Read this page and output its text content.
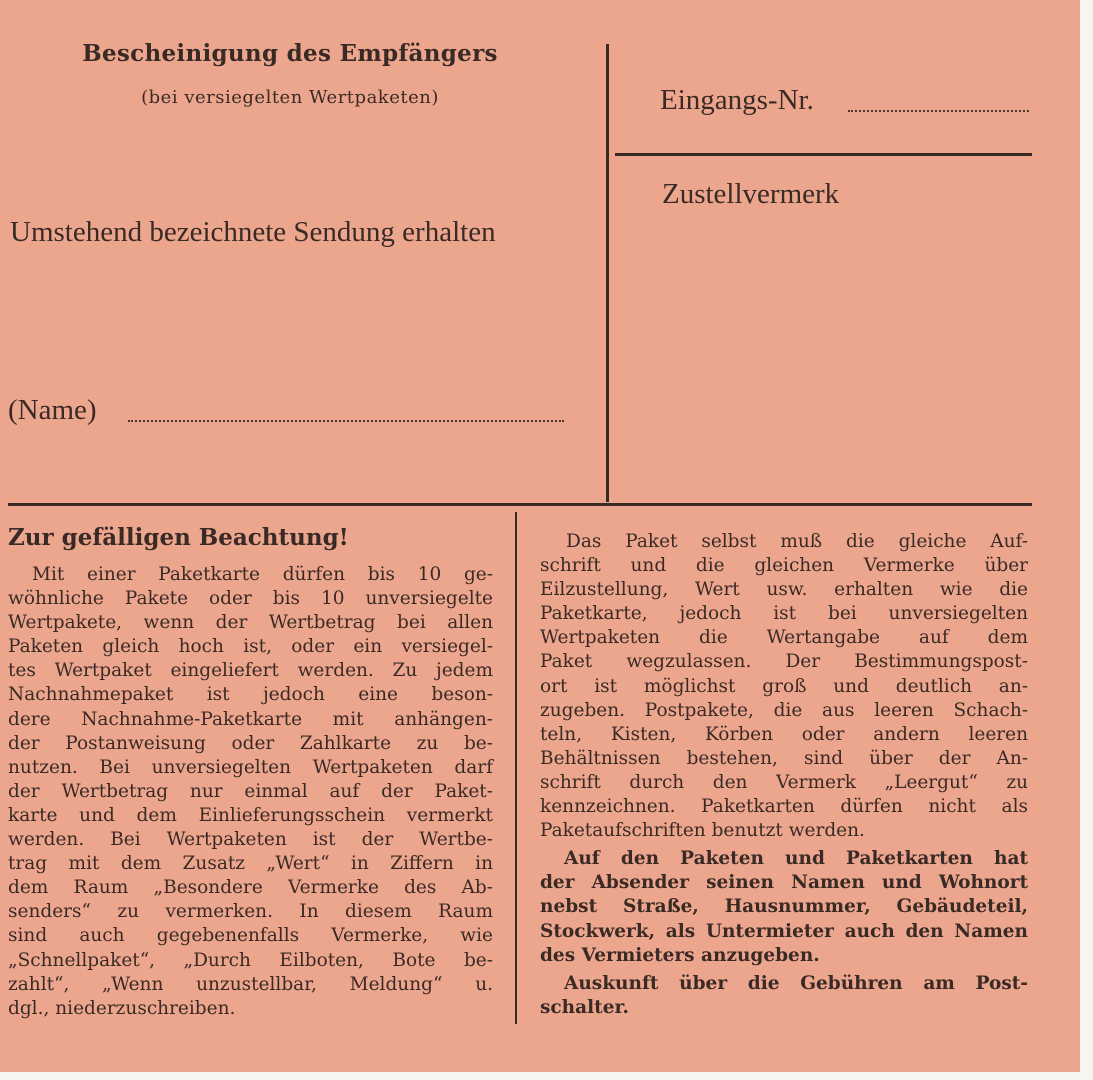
Bescheinigung des Empfängers
(bei versiegelten Wertpaketen)
Umstehend bezeichnete Sendung erhalten
(Name)
Eingangs-Nr.
Zustellvermerk
Zur gefälligen Beachtung!

Mit einer Paketkarte dürfen bis 10 ge-
wöhnliche Pakete oder bis 10 unversiegelte
Wertpakete, wenn der Wertbetrag bei allen
Paketen gleich hoch ist, oder ein versiegel-
tes Wertpaket eingeliefert werden. Zu jedem
Nachnahmepaket ist jedoch eine beson-
dere Nachnahme-Paketkarte mit anhängen-
der Postanweisung oder Zahlkarte zu be-
nutzen. Bei unversiegelten Wertpaketen darf
der Wertbetrag nur einmal auf der Paket-
karte und dem Einlieferungsschein vermerkt
werden. Bei Wertpaketen ist der Wertbe-
trag mit dem Zusatz „Wert“ in Ziffern in
dem Raum „Besondere Vermerke des Ab-
senders“ zu vermerken. In diesem Raum
sind auch gegebenenfalls Vermerke, wie
„Schnellpaket“, „Durch Eilboten, Bote be-
zahlt“, „Wenn unzustellbar, Meldung“ u.
dgl., niederzuschreiben.

Das Paket selbst muß die gleiche Auf-
schrift und die gleichen Vermerke über
Eilzustellung, Wert usw. erhalten wie die
Paketkarte, jedoch ist bei unversiegelten
Wertpaketen die Wertangabe auf dem
Paket wegzulassen. Der Bestimmungspost-
ort ist möglichst groß und deutlich an-
zugeben. Postpakete, die aus leeren Schach-
teln, Kisten, Körben oder andern leeren
Behältnissen bestehen, sind über der An-
schrift durch den Vermerk „Leergut“ zu
kennzeichnen. Paketkarten dürfen nicht als
Paketaufschriften benutzt werden.

Auf den Paketen und Paketkarten hat
der Absender seinen Namen und Wohnort
nebst Straße, Hausnummer, Gebäudeteil,
Stockwerk, als Untermieter auch den Namen
des Vermieters anzugeben.

Auskunft über die Gebühren am Post-
schalter.
